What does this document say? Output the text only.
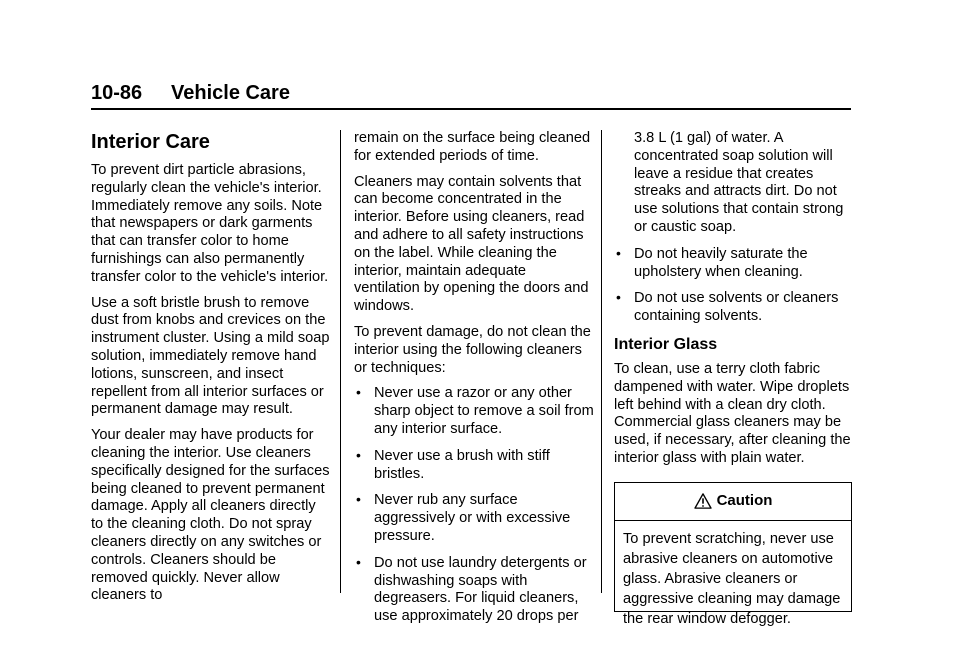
10-86 Vehicle Care
Interior Care

To prevent dirt particle abrasions, regularly clean the vehicle's interior. Immediately remove any soils. Note that newspapers or dark garments that can transfer color to home furnishings can also permanently transfer color to the vehicle's interior.

Use a soft bristle brush to remove dust from knobs and crevices on the instrument cluster. Using a mild soap solution, immediately remove hand lotions, sunscreen, and insect repellent from all interior surfaces or permanent damage may result.

Your dealer may have products for cleaning the interior. Use cleaners specifically designed for the surfaces being cleaned to prevent permanent damage. Apply all cleaners directly to the cleaning cloth. Do not spray cleaners directly on any switches or controls. Cleaners should be removed quickly. Never allow cleaners to

remain on the surface being cleaned for extended periods of time.

Cleaners may contain solvents that can become concentrated in the interior. Before using cleaners, read and adhere to all safety instructions on the label. While cleaning the interior, maintain adequate ventilation by opening the doors and windows.

To prevent damage, do not clean the interior using the following cleaners or techniques:

• Never use a razor or any other sharp object to remove a soil from any interior surface.
• Never use a brush with stiff bristles.
• Never rub any surface aggressively or with excessive pressure.
• Do not use laundry detergents or dishwashing soaps with degreasers. For liquid cleaners, use approximately 20 drops per

3.8 L (1 gal) of water. A concentrated soap solution will leave a residue that creates streaks and attracts dirt. Do not use solutions that contain strong or caustic soap.

• Do not heavily saturate the upholstery when cleaning.
• Do not use solvents or cleaners containing solvents.
Interior Glass

To clean, use a terry cloth fabric dampened with water. Wipe droplets left behind with a clean dry cloth. Commercial glass cleaners may be used, if necessary, after cleaning the interior glass with plain water.

Caution
To prevent scratching, never use abrasive cleaners on automotive glass. Abrasive cleaners or aggressive cleaning may damage the rear window defogger.
